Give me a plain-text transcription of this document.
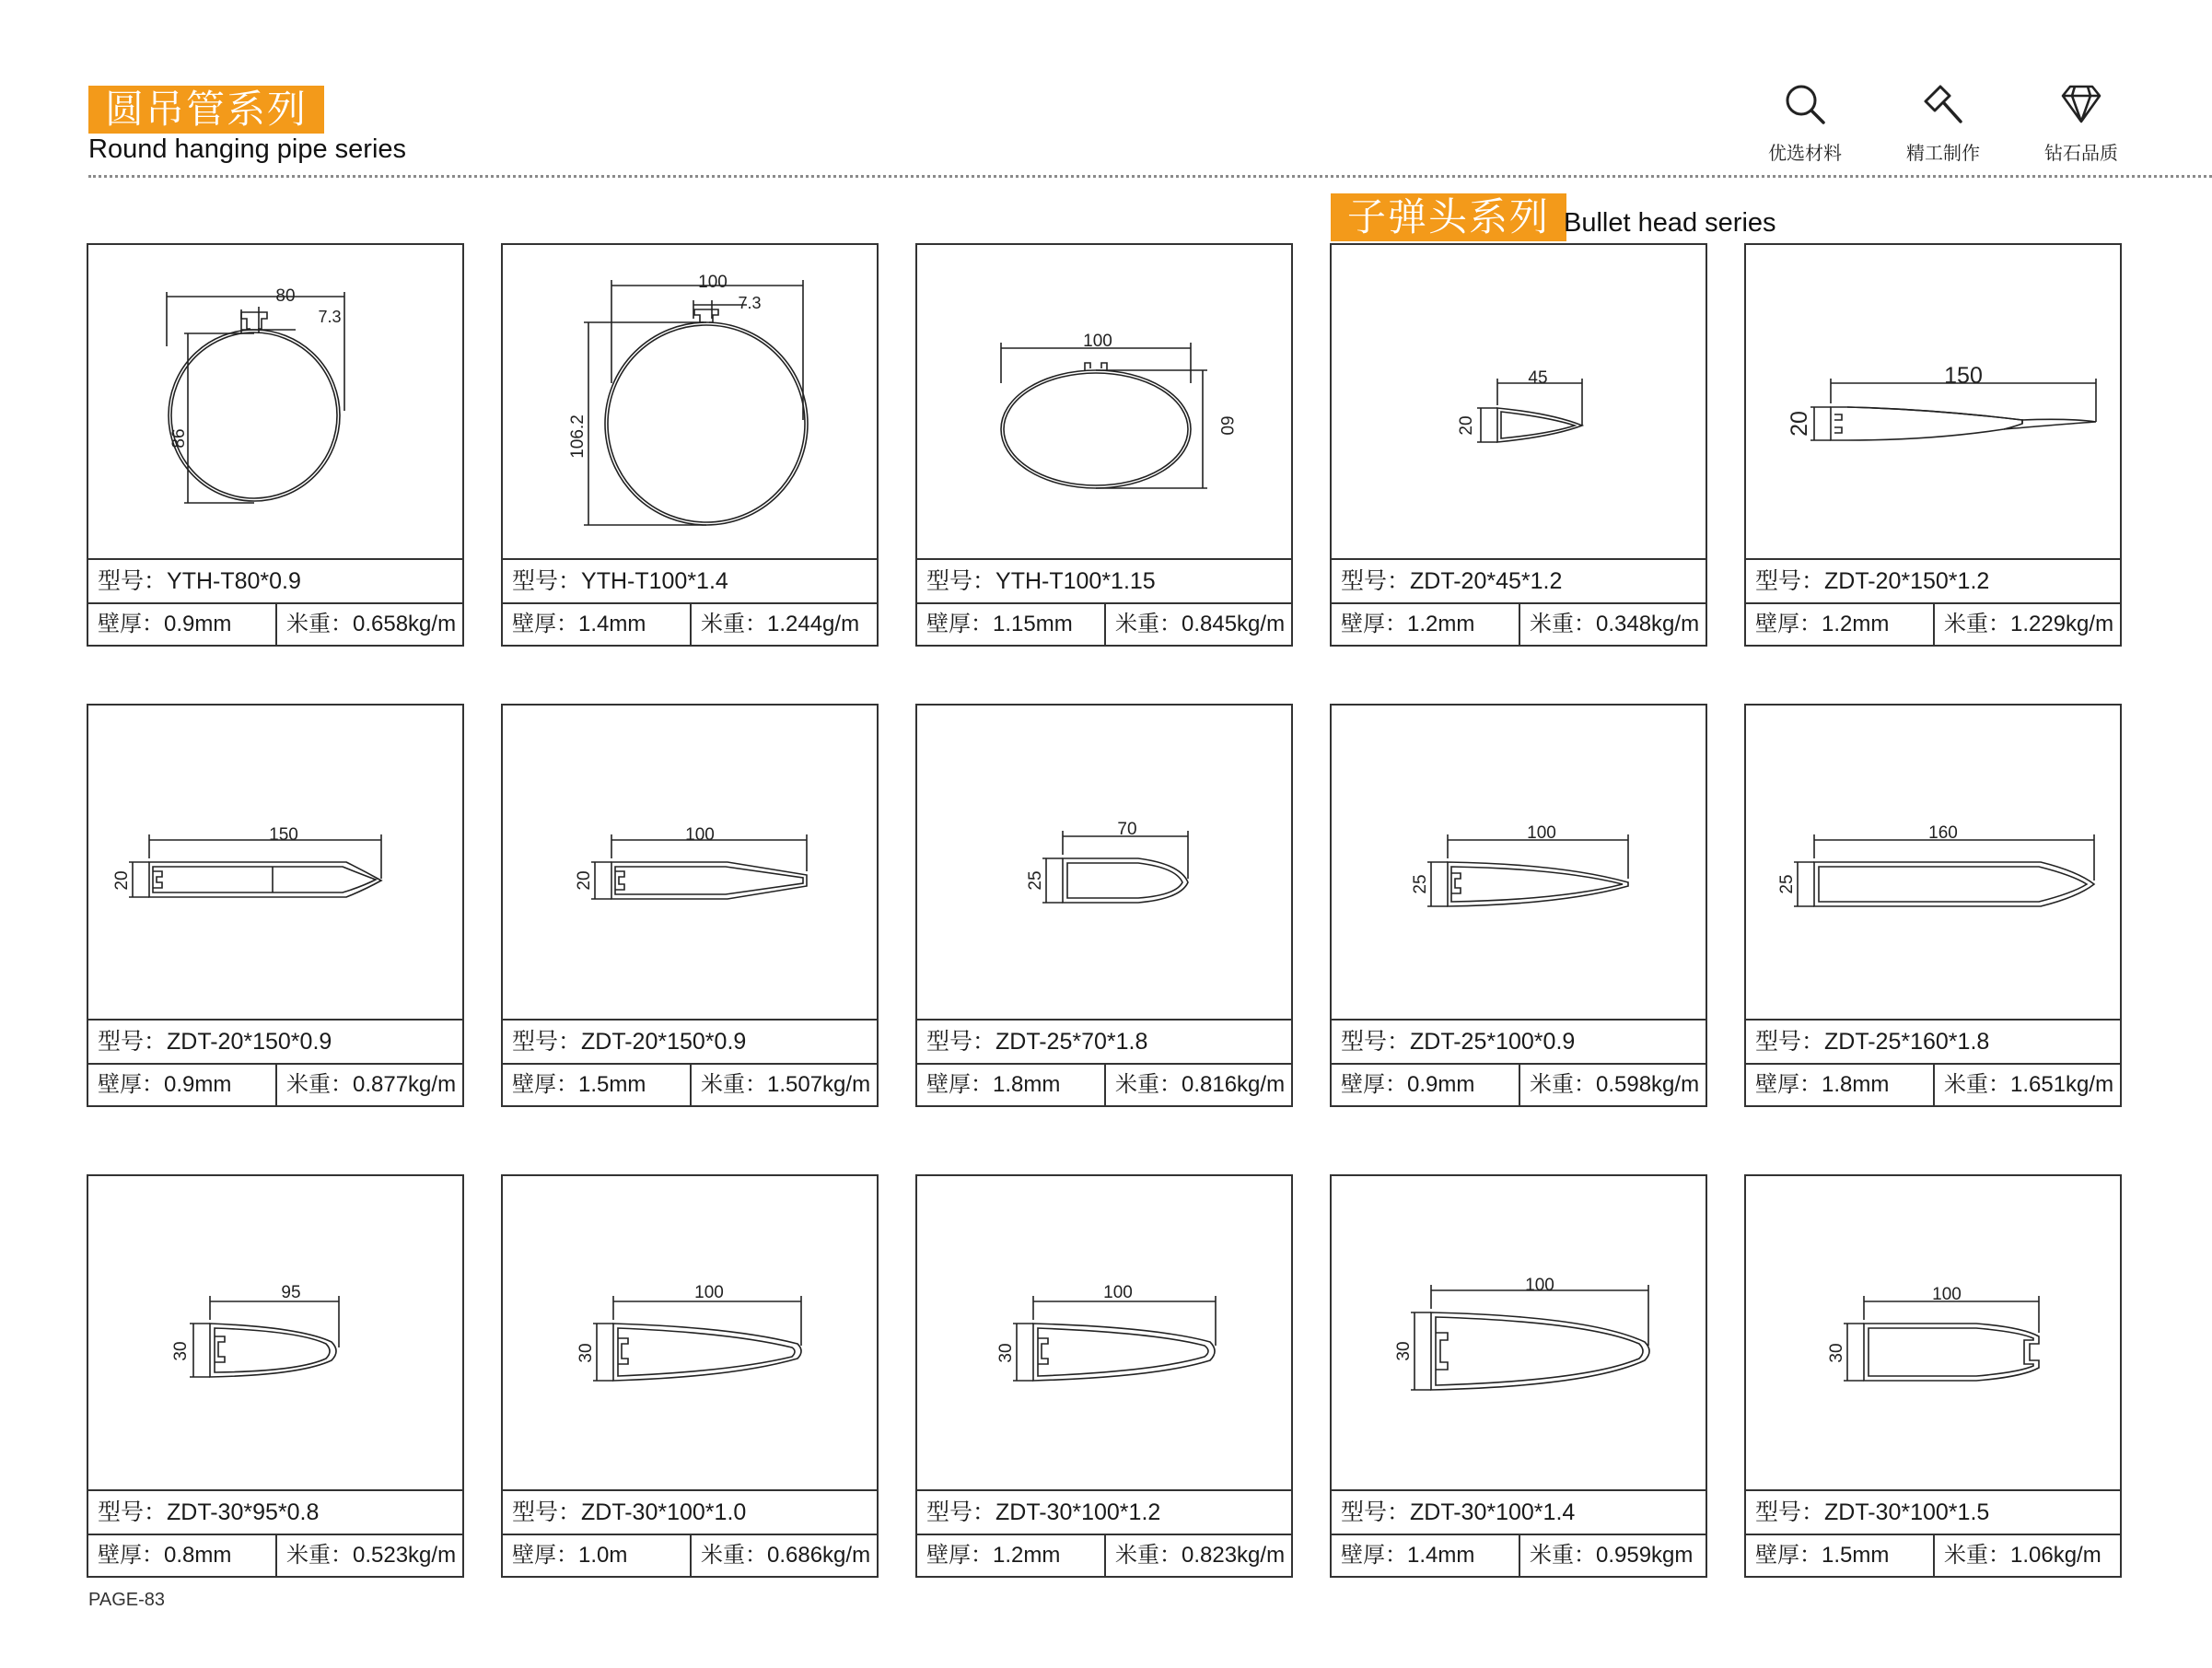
圆吊管系列
Round hanging pipe series	优选材料	精工制作	钻石品质
子弹头系列 Bullet head series
80
7.3
86
型号：YTH-T80*0.9
壁厚：0.9mm	米重：0.658kg/m
100
7.3
106.2
型号：YTH-T100*1.4
壁厚：1.4mm	米重：1.244g/m
100
60
型号：YTH-T100*1.15
壁厚：1.15mm	米重：0.845kg/m
45
20
型号：ZDT-20*45*1.2
壁厚：1.2mm	米重：0.348kg/m
150
20
型号：ZDT-20*150*1.2
壁厚：1.2mm	米重：1.229kg/m
150
20
型号：ZDT-20*150*0.9
壁厚：0.9mm	米重：0.877kg/m
100
20
型号：ZDT-20*150*0.9
壁厚：1.5mm	米重：1.507kg/m
70
25
型号：ZDT-25*70*1.8
壁厚：1.8mm	米重：0.816kg/m
100
25
型号：ZDT-25*100*0.9
壁厚：0.9mm	米重：0.598kg/m
160
25
型号：ZDT-25*160*1.8
壁厚：1.8mm	米重：1.651kg/m
95
30
型号：ZDT-30*95*0.8
壁厚：0.8mm	米重：0.523kg/m
100
30
型号：ZDT-30*100*1.0
壁厚：1.0m	米重：0.686kg/m
100
30
型号：ZDT-30*100*1.2
壁厚：1.2mm	米重：0.823kg/m
100
30
型号：ZDT-30*100*1.4
壁厚：1.4mm	米重：0.959kgm
100
30
型号：ZDT-30*100*1.5
壁厚：1.5mm	米重：1.06kg/m
PAGE-83
